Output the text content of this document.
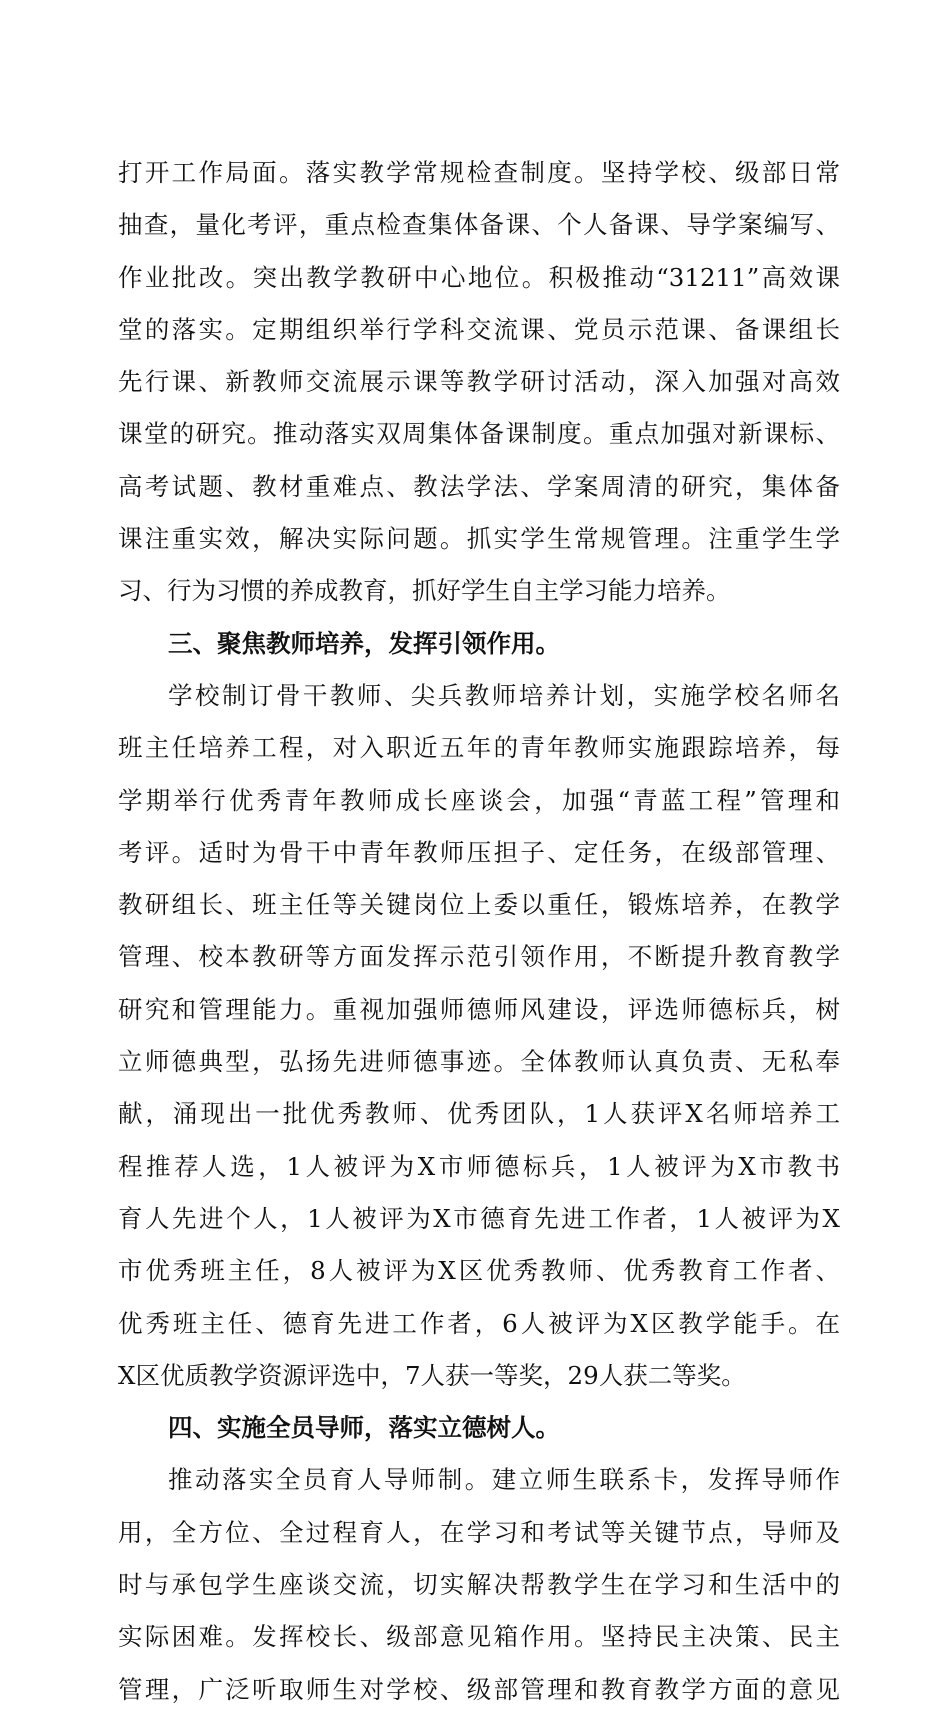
打开工作局面。落实教学常规检查制度。坚持学校、级部日常
抽查，量化考评，重点检查集体备课、个人备课、导学案编写、
作业批改。突出教学教研中心地位。积极推动“31211”高效课
堂的落实。定期组织举行学科交流课、党员示范课、备课组长
先行课、新教师交流展示课等教学研讨活动，深入加强对高效
课堂的研究。推动落实双周集体备课制度。重点加强对新课标、
高考试题、教材重难点、教法学法、学案周清的研究，集体备
课注重实效，解决实际问题。抓实学生常规管理。注重学生学
习、行为习惯的养成教育，抓好学生自主学习能力培养。
三、聚焦教师培养，发挥引领作用。
学校制订骨干教师、尖兵教师培养计划，实施学校名师名
班主任培养工程，对入职近五年的青年教师实施跟踪培养，每
学期举行优秀青年教师成长座谈会，加强“青蓝工程”管理和
考评。适时为骨干中青年教师压担子、定任务，在级部管理、
教研组长、班主任等关键岗位上委以重任，锻炼培养，在教学
管理、校本教研等方面发挥示范引领作用，不断提升教育教学
研究和管理能力。重视加强师德师风建设，评选师德标兵，树
立师德典型，弘扬先进师德事迹。全体教师认真负责、无私奉
献，涌现出一批优秀教师、优秀团队，1人获评X名师培养工
程推荐人选，1人被评为X市师德标兵，1人被评为X市教书
育人先进个人，1人被评为X市德育先进工作者，1人被评为X
市优秀班主任，8人被评为X区优秀教师、优秀教育工作者、
优秀班主任、德育先进工作者，6人被评为X区教学能手。在
X区优质教学资源评选中，7人获一等奖，29人获二等奖。
四、实施全员导师，落实立德树人。
推动落实全员育人导师制。建立师生联系卡，发挥导师作
用，全方位、全过程育人，在学习和考试等关键节点，导师及
时与承包学生座谈交流，切实解决帮教学生在学习和生活中的
实际困难。发挥校长、级部意见箱作用。坚持民主决策、民主
管理，广泛听取师生对学校、级部管理和教育教学方面的意见
